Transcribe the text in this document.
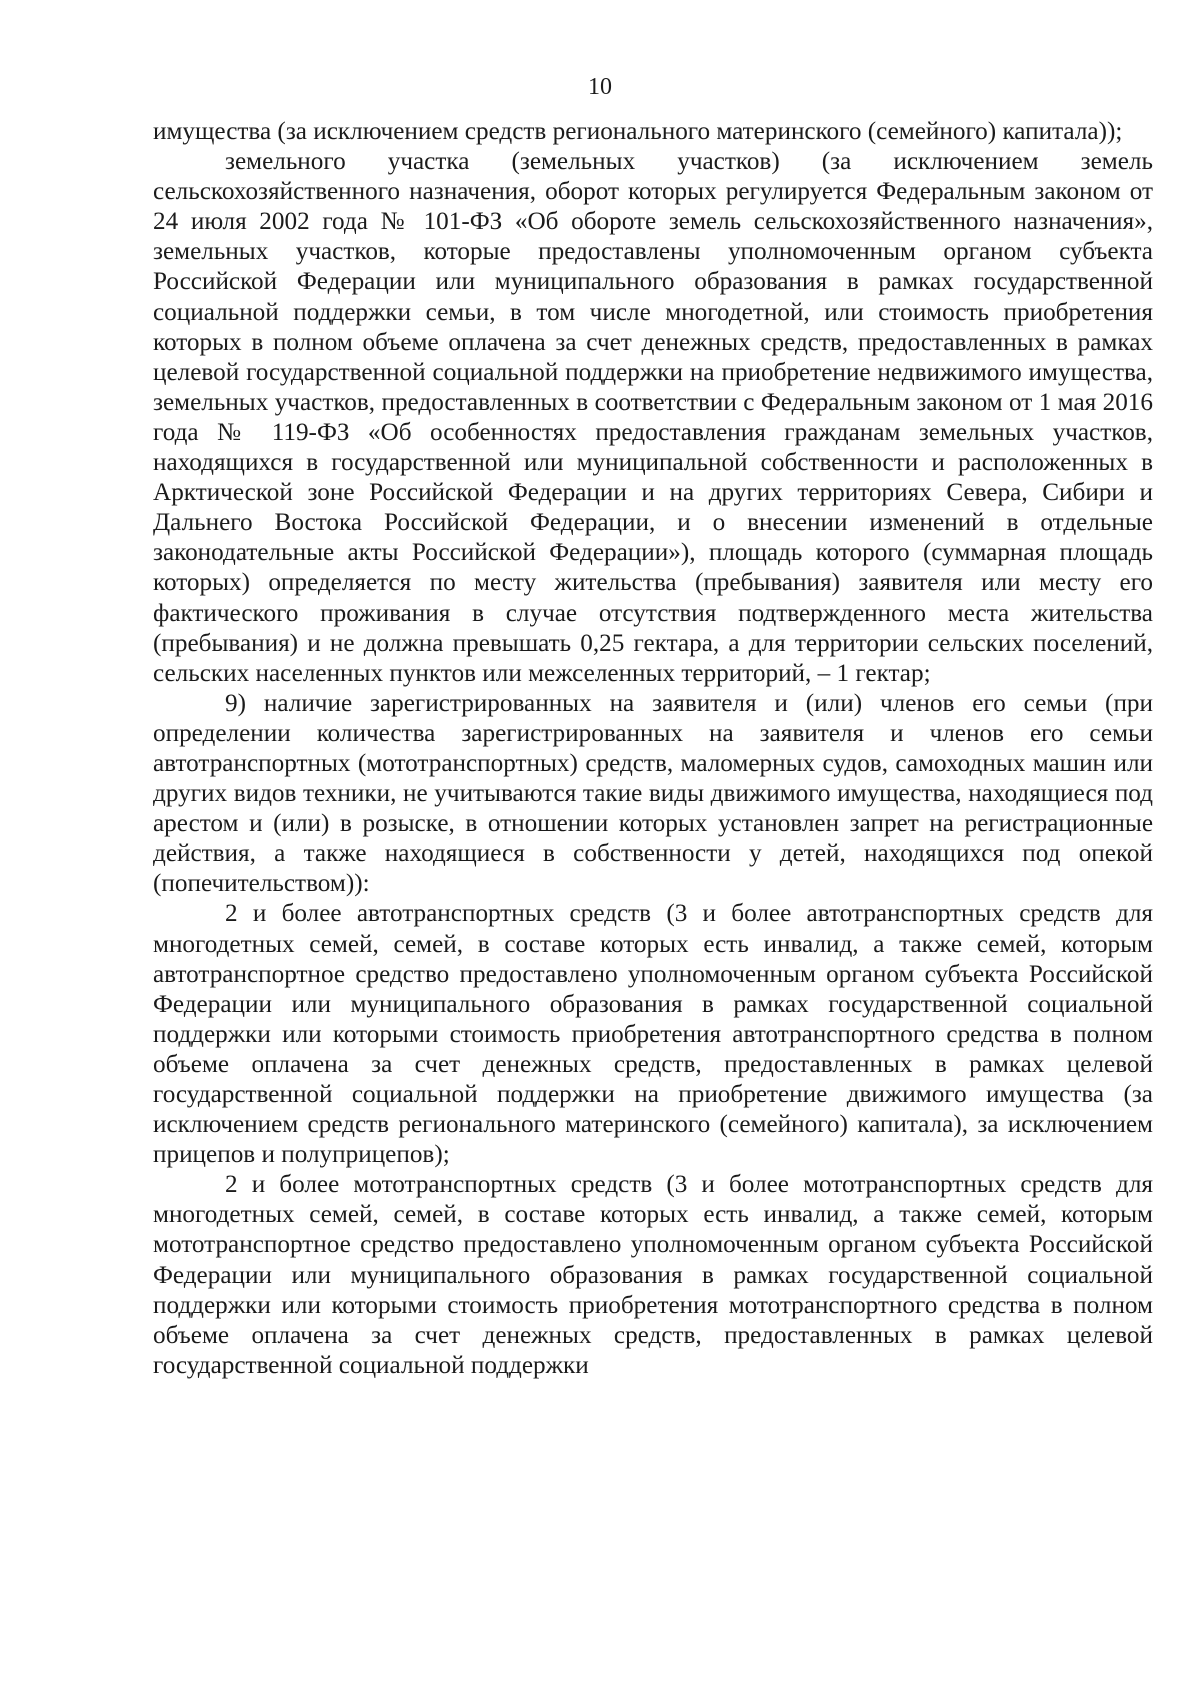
10

имущества (за исключением средств регионального материнского (семейного) капитала));

земельного участка (земельных участков) (за исключением земель сельскохозяйственного назначения, оборот которых регулируется Федеральным законом от 24 июля 2002 года № 101-ФЗ «Об обороте земель сельскохозяйственного назначения», земельных участков, которые предоставлены уполномоченным органом субъекта Российской Федерации или муниципального образования в рамках государственной социальной поддержки семьи, в том числе многодетной, или стоимость приобретения которых в полном объеме оплачена за счет денежных средств, предоставленных в рамках целевой государственной социальной поддержки на приобретение недвижимого имущества, земельных участков, предоставленных в соответствии с Федеральным законом от 1 мая 2016 года № 119-ФЗ «Об особенностях предоставления гражданам земельных участков, находящихся в государственной или муниципальной собственности и расположенных в Арктической зоне Российской Федерации и на других территориях Севера, Сибири и Дальнего Востока Российской Федерации, и о внесении изменений в отдельные законодательные акты Российской Федерации»), площадь которого (суммарная площадь которых) определяется по месту жительства (пребывания) заявителя или месту его фактического проживания в случае отсутствия подтвержденного места жительства (пребывания) и не должна превышать 0,25 гектара, а для территории сельских поселений, сельских населенных пунктов или межселенных территорий, – 1 гектар;

9) наличие зарегистрированных на заявителя и (или) членов его семьи (при определении количества зарегистрированных на заявителя и членов его семьи автотранспортных (мототранспортных) средств, маломерных судов, самоходных машин или других видов техники, не учитываются такие виды движимого имущества, находящиеся под арестом и (или) в розыске, в отношении которых установлен запрет на регистрационные действия, а также находящиеся в собственности у детей, находящихся под опекой (попечительством)):

2 и более автотранспортных средств (3 и более автотранспортных средств для многодетных семей, семей, в составе которых есть инвалид, а также семей, которым автотранспортное средство предоставлено уполномоченным органом субъекта Российской Федерации или муниципального образования в рамках государственной социальной поддержки или которыми стоимость приобретения автотранспортного средства в полном объеме оплачена за счет денежных средств, предоставленных в рамках целевой государственной социальной поддержки на приобретение движимого имущества (за исключением средств регионального материнского (семейного) капитала), за исключением прицепов и полуприцепов);

2 и более мототранспортных средств (3 и более мототранспортных средств для многодетных семей, семей, в составе которых есть инвалид, а также семей, которым мототранспортное средство предоставлено уполномоченным органом субъекта Российской Федерации или муниципального образования в рамках государственной социальной поддержки или которыми стоимость приобретения мототранспортного средства в полном объеме оплачена за счет денежных средств, предоставленных в рамках целевой государственной социальной поддержки
